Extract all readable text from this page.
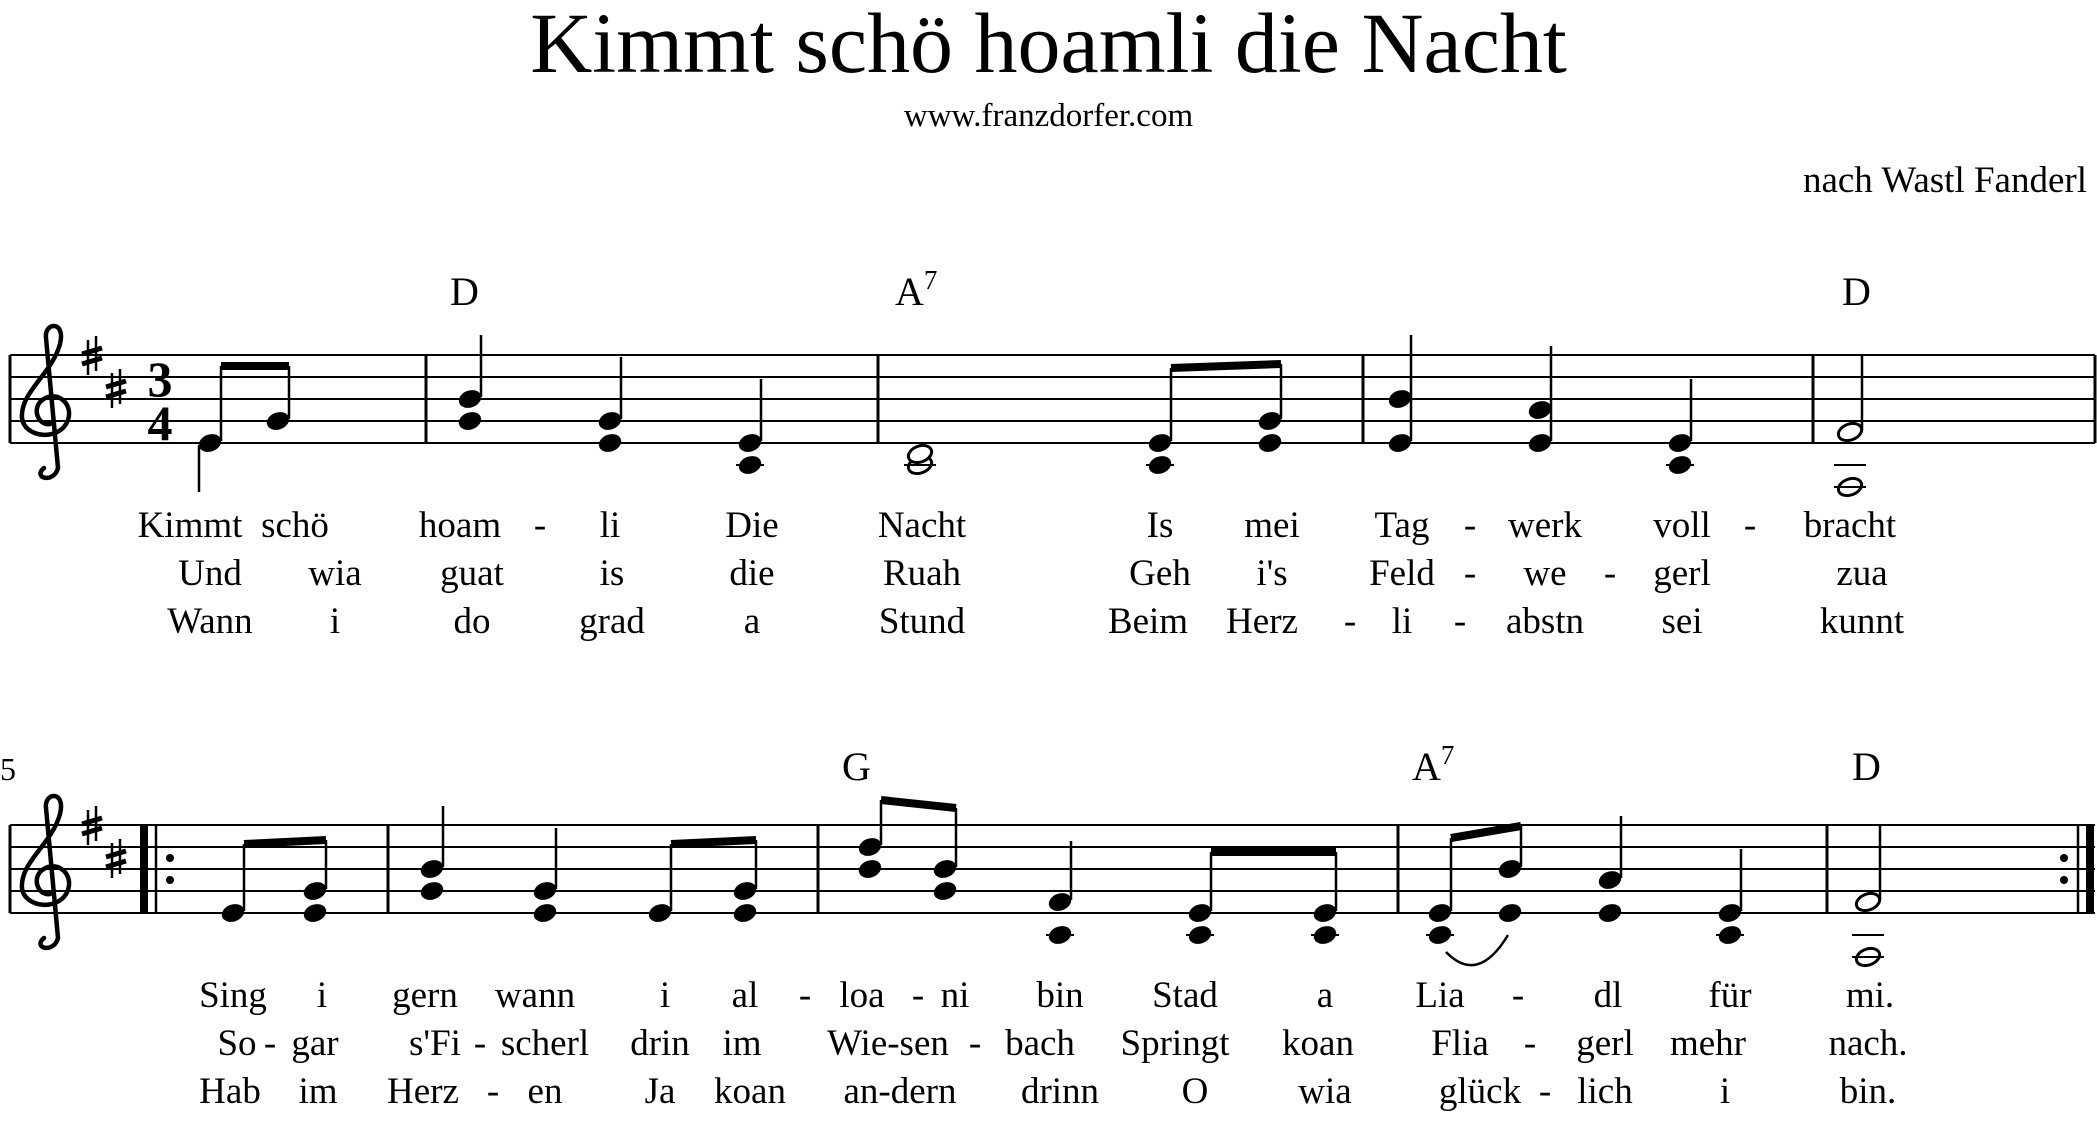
Kimmt schö hoamli die Nacht
www.franzdorfer.com
nach Wastl Fanderl
3
4
D	$A^7$	D
5	G	$A^7$	D
Kimmt schö hoam - li	Die	Nacht	Is mei Tag - werk voll - bracht
Und wia guat	is	die	Ruah	Geh i's Feld - we - gerl	zua
Wann i	do grad	a	Stund	Beim Herz - li - abstn sei	kunnt
Sing i gern wann i al - loa - ni bin Stad	a Lia - dl für	mi.
So - gar s'Fi - scherl drin im Wie-sen - bach Springt koan Flia - gerl mehr nach.
Hab im Herz - en Ja koan an-dern drinn O wia glück - lich i	bin.
